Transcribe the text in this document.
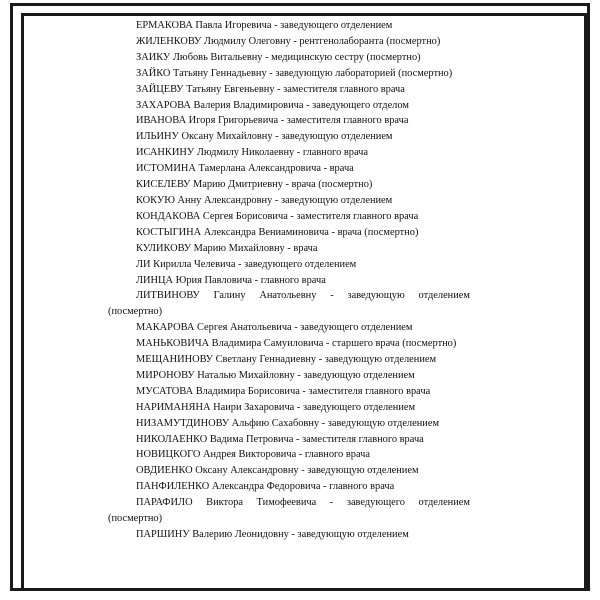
ЕРМАКОВА Павла Игоревича - заведующего отделением

ЖИЛЕНКОВУ Людмилу Олеговну - рентгенолаборанта (посмертно)

ЗАИКУ Любовь Витальевну - медицинскую сестру (посмертно)

ЗАЙКО Татьяну Геннадьевну - заведующую лабораторией (посмертно)

ЗАЙЦЕВУ Татьяну Евгеньевну - заместителя главного врача

ЗАХАРОВА Валерия Владимировича - заведующего отделом

ИВАНОВА Игоря Григорьевича - заместителя главного врача

ИЛЬИНУ Оксану Михайловну - заведующую отделением

ИСАНКИНУ Людмилу Николаевну - главного врача

ИСТОМИНА Тамерлана Александровича - врача

КИСЕЛЕВУ Марию Дмитриевну - врача (посмертно)

КОКУЮ Анну Александровну - заведующую отделением

КОНДАКОВА Сергея Борисовича - заместителя главного врача

КОСТЫГИНА Александра Вениаминовича - врача (посмертно)

КУЛИКОВУ Марию Михайловну - врача

ЛИ Кирилла Челевича - заведующего отделением

ЛИНЦА Юрия Павловича - главного врача

ЛИТВИНОВУ Галину Анатольевну - заведующую отделением (посмертно)

МАКАРОВА Сергея Анатольевича - заведующего отделением

МАНЬКОВИЧА Владимира Самуиловича - старшего врача (посмертно)

МЕЩАНИНОВУ Светлану Геннадиевну - заведующую отделением

МИРОНОВУ Наталью Михайловну - заведующую отделением

МУСАТОВА Владимира Борисовича - заместителя главного врача

НАРИМАНЯНА Наири Захаровича - заведующего отделением

НИЗАМУТДИНОВУ Альфию Сахабовну - заведующую отделением

НИКОЛАЕНКО Вадима Петровича - заместителя главного врача

НОВИЦКОГО Андрея Викторовича - главного врача

ОВДИЕНКО Оксану Александровну - заведующую отделением

ПАНФИЛЕНКО Александра Федоровича - главного врача

ПАРАФИЛО Виктора Тимофеевича - заведующего отделением (посмертно)

ПАРШИНУ Валерию Леонидовну - заведующую отделением
